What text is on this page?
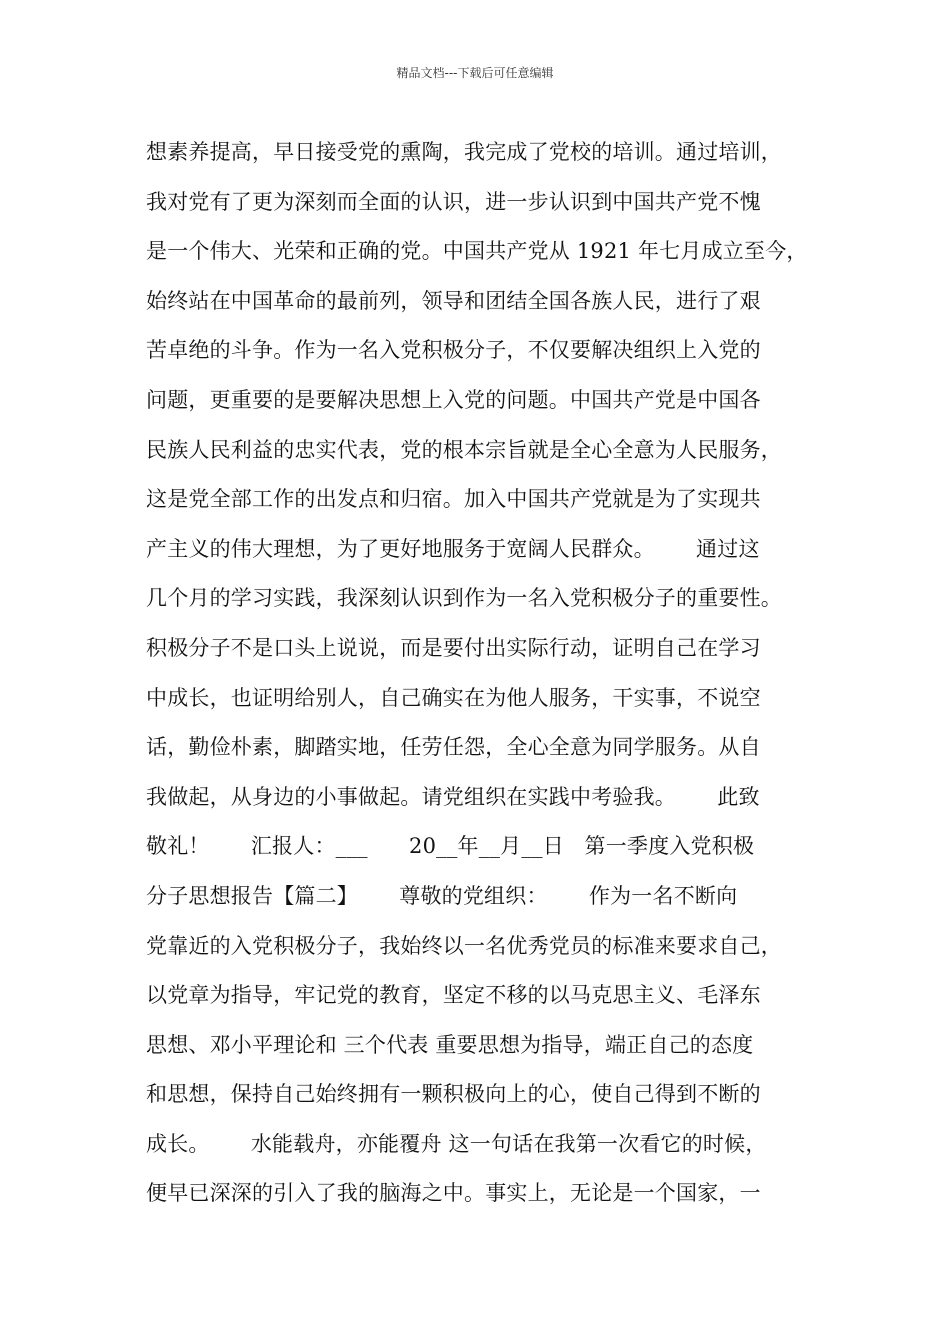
精品文档---下载后可任意编辑
想素养提高，早日接受党的熏陶，我完成了党校的培训。通过培训，
我对党有了更为深刻而全面的认识，进一步认识到中国共产党不愧
是一个伟大、光荣和正确的党。中国共产党从 1921 年七月成立至今，
始终站在中国革命的最前列，领导和团结全国各族人民，进行了艰
苦卓绝的斗争。作为一名入党积极分子，不仅要解决组织上入党的
问题，更重要的是要解决思想上入党的问题。中国共产党是中国各
民族人民利益的忠实代表，党的根本宗旨就是全心全意为人民服务，
这是党全部工作的出发点和归宿。加入中国共产党就是为了实现共
产主义的伟大理想，为了更好地服务于宽阔人民群众。      通过这
几个月的学习实践，我深刻认识到作为一名入党积极分子的重要性。
积极分子不是口头上说说，而是要付出实际行动，证明自己在学习
中成长，也证明给别人，自己确实在为他人服务，干实事，不说空
话，勤俭朴素，脚踏实地，任劳任怨，全心全意为同学服务。从自
我做起，从身边的小事做起。请党组织在实践中考验我。      此致
敬礼！      汇报人：___      20__年__月__日   第一季度入党积极
分子思想报告【篇二】      尊敬的党组织：      作为一名不断向
党靠近的入党积极分子，我始终以一名优秀党员的标准来要求自己，
以党章为指导，牢记党的教育，坚定不移的以马克思主义、毛泽东
思想、邓小平理论和 三个代表 重要思想为指导，端正自己的态度
和思想，保持自己始终拥有一颗积极向上的心，使自己得到不断的
成长。      水能载舟，亦能覆舟 这一句话在我第一次看它的时候，
便早已深深的引入了我的脑海之中。事实上，无论是一个国家，一
